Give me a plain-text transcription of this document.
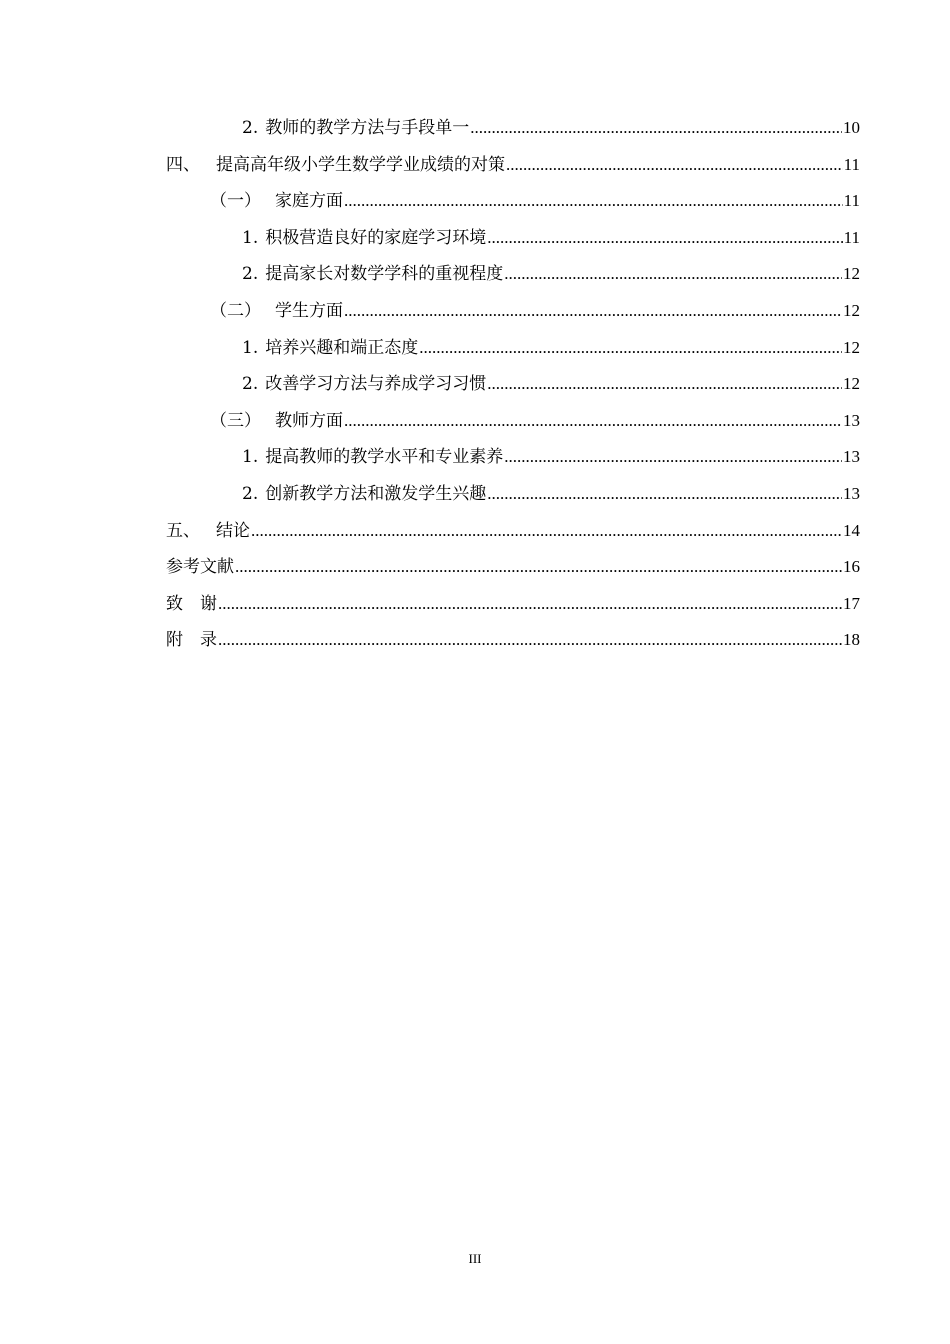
2. 教师的教学方法与手段单一 .....	10
四、 提高高年级小学生数学学业成绩的对策 .....	11
（一） 家庭方面 .....	11
1. 积极营造良好的家庭学习环境 .....	11
2. 提高家长对数学学科的重视程度 .....	12
（二） 学生方面 .....	12
1. 培养兴趣和端正态度 .....	12
2. 改善学习方法与养成学习习惯 .....	12
（三） 教师方面 .....	13
1. 提高教师的教学水平和专业素养 .....	13
2. 创新教学方法和激发学生兴趣 .....	13
五、 结论 .....	14
参考文献 .....	16
致　谢 .....	17
附　录 .....	18
III
